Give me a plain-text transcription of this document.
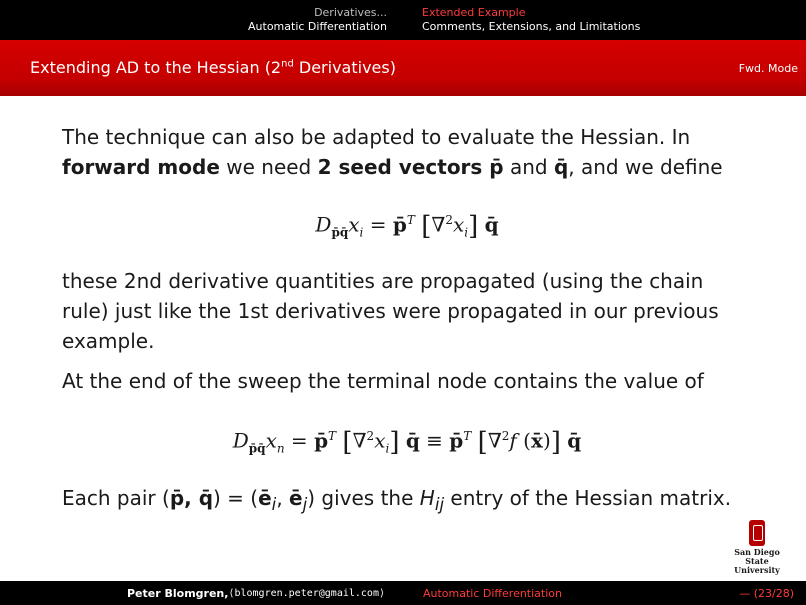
Derivatives...
Automatic Differentiation
Extended Example
Comments, Extensions, and Limitations
Extending AD to the Hessian (2nd Derivatives)	Fwd. Mode

The technique can also be adapted to evaluate the Hessian. In
forward mode we need 2 seed vectors p̄ and q̄, and we define

$D_{p̄q̄}x_i$ = p̄$^T$ $[\nabla^2x_i]$ q̄

these 2nd derivative quantities are propagated (using the chain rule) just like the 1st derivatives were propagated in our previous example.

At the end of the sweep the terminal node contains the value of

$D_{p̄q̄}x_n$ = p̄$^T$ $[\nabla^2x_i]$ q̄ ≡ p̄$^T$ [∇$^2$f (x̄)] q̄

Each pair (p̄, q̄) = ($ē_i$, $ē_j$) gives the $H_{ij}$ entry of the Hessian matrix.

San Diego State
University
Peter Blomgren, ⟨blomgren.peter@gmail.com⟩	Automatic Differentiation	— (23/28)
